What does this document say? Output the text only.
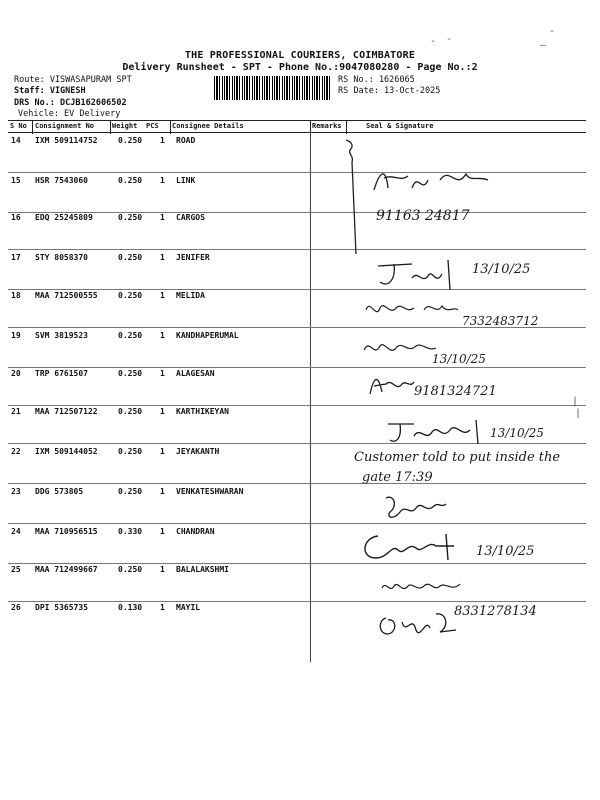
- -
—
-
THE PROFESSIONAL COURIERS, COIMBATORE
Delivery Runsheet - SPT - Phone No.:9047080280 - Page No.:2
Route: VISWASAPURAM SPT
Staff: VIGNESH
DRS No.: DCJB162606502
Vehicle: EV Delivery
RS No.: 1626065
RS Date: 13-Oct-2025
S No Consignment No	Weight PCS Consignee Details	Remarks	Seal & Signature
14 IXM 509114752	0.250 1 ROAD
15 HSR 7543060	0.250 1 LINK
16 EDQ 25245809	0.250 1 CARGOS
17 STY 8058370	0.250 1 JENIFER
18 MAA 712500555	0.250 1 MELIDA
19 SVM 3819523	0.250 1 KANDHAPERUMAL
20 TRP 6761507	0.250 1 ALAGESAN
21 MAA 712507122	0.250 1 KARTHIKEYAN
22 IXM 509144052	0.250 1 JEYAKANTH
23 DDG 573805	0.250 1 VENKATESHWARAN
24 MAA 710956515	0.330 1 CHANDRAN
25 MAA 712499667	0.250 1 BALALAKSHMI
26 DPI 5365735	0.130 1 MAYIL
91163 24817
13/10/25
7332483712
13/10/25
9181324721
13/10/25
Customer told to put inside the
gate 17:39
13/10/25
8331278134
|
|
